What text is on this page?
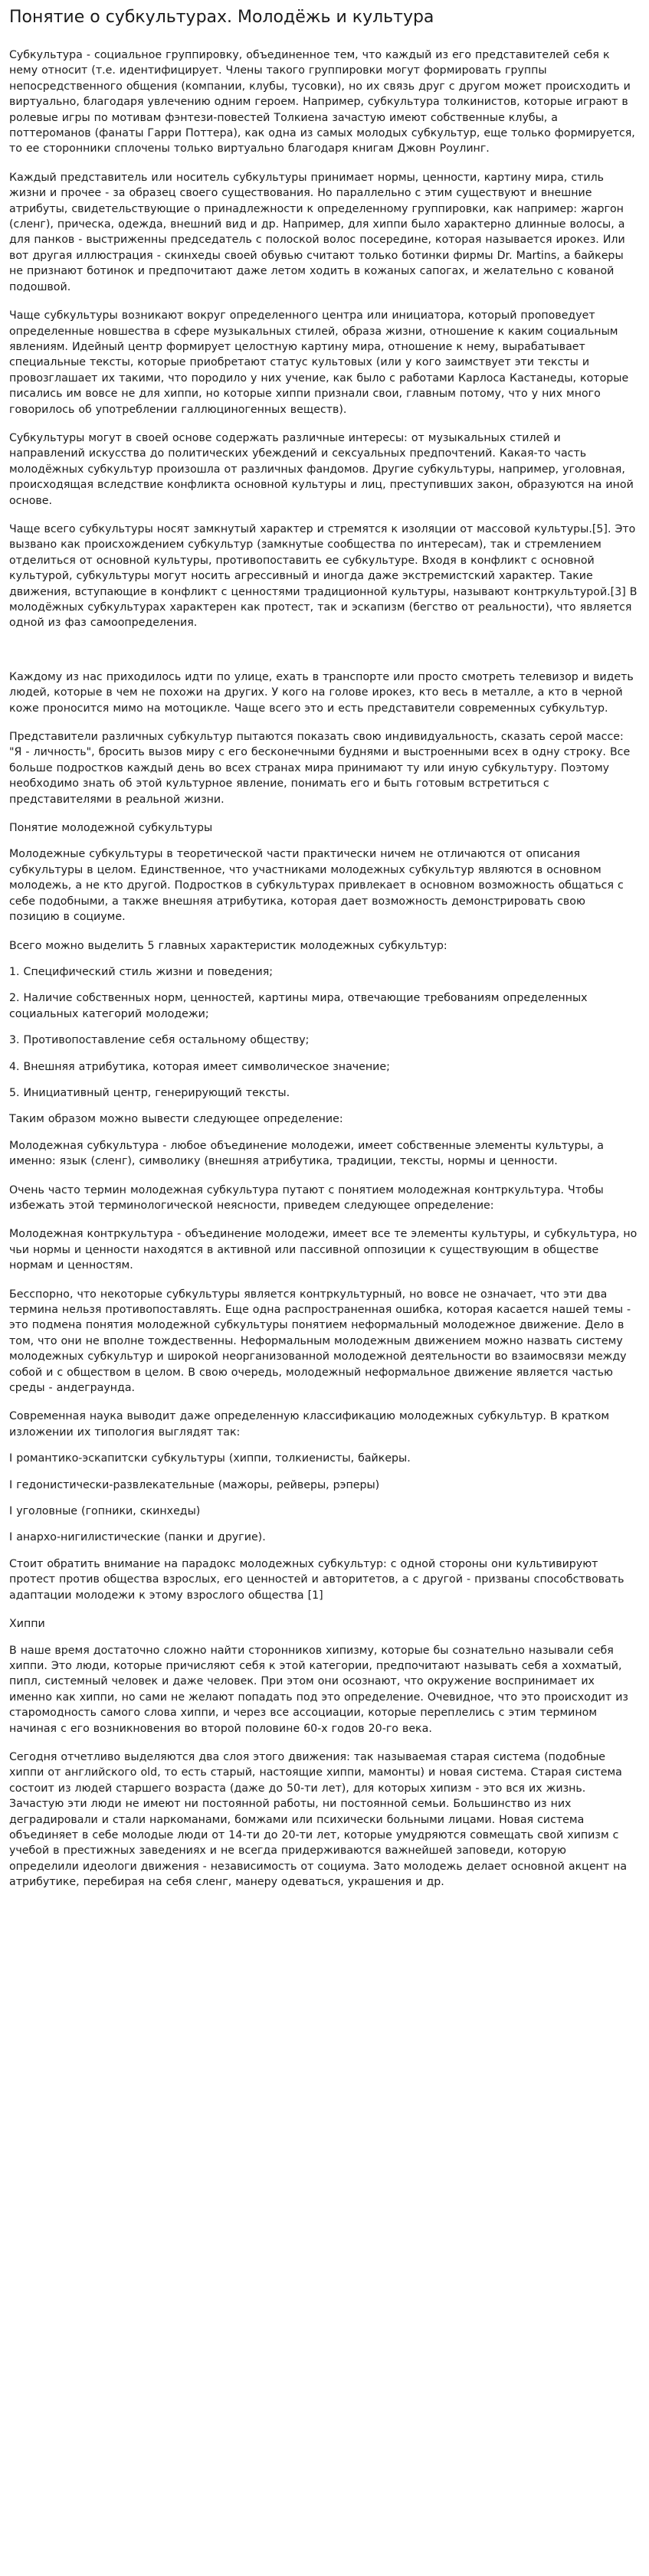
Понятие о субкультурах. Молодёжь и культура

Субкультура - социальное группировку, объединенное тем, что каждый из его представителей себя к нему относит (т.е. идентифицирует. Члены такого группировки могут формировать группы непосредственного общения (компании, клубы, тусовки), но их связь друг с другом может происходить и виртуально, благодаря увлечению одним героем. Например, субкультура толкинистов, которые играют в ролевые игры по мотивам фэнтези-повестей Толкиена зачастую имеют собственные клубы, а поттероманов (фанаты Гарри Поттера), как одна из самых молодых субкультур, еще только формируется, то ее сторонники сплочены только виртуально благодаря книгам Джовн Роулинг.

Каждый представитель или носитель субкультуры принимает нормы, ценности, картину мира, стиль жизни и прочее - за образец своего существования. Но параллельно с этим существуют и внешние атрибуты, свидетельствующие о принадлежности к определенному группировки, как например: жаргон (сленг), прическа, одежда, внешний вид и др. Например, для хиппи было характерно длинные волосы, а для панков - выстриженны председатель с полоской волос посередине, которая называется ирокез. Или вот другая иллюстрация - скинхеды своей обувью считают только ботинки фирмы Dr. Martins, а байкеры не признают ботинок и предпочитают даже летом ходить в кожаных сапогах, и желательно с кованой подошвой.

Чаще субкультуры возникают вокруг определенного центра или инициатора, который проповедует определенные новшества в сфере музыкальных стилей, образа жизни, отношение к каким социальным явлениям. Идейный центр формирует целостную картину мира, отношение к нему, вырабатывает специальные тексты, которые приобретают статус культовых (или у кого заимствует эти тексты и провозглашает их такими, что породило у них учение, как было с работами Карлоса Кастанеды, которые писались им вовсе не для хиппи, но которые хиппи признали свои, главным потому, что у них много говорилось об употреблении галлюциногенных веществ).

Субкультуры могут в своей основе содержать различные интересы: от музыкальных стилей и направлений искусства до политических убеждений и сексуальных предпочтений. Какая-то часть молодёжных субкультур произошла от различных фандомов. Другие субкультуры, например, уголовная, происходящая вследствие конфликта основной культуры и лиц, преступивших закон, образуются на иной основе.

Чаще всего субкультуры носят замкнутый характер и стремятся к изоляции от массовой культуры.[5]. Это вызвано как происхождением субкультур (замкнутые сообщества по интересам), так и стремлением отделиться от основной культуры, противопоставить ее субкультуре. Входя в конфликт с основной культурой, субкультуры могут носить агрессивный и иногда даже экстремистский характер. Такие движения, вступающие в конфликт с ценностями традиционной культуры, называют контркультурой.[3] В молодёжных субкультурах характерен как протест, так и эскапизм (бегство от реальности), что является одной из фаз самоопределения.

Каждому из нас приходилось идти по улице, ехать в транспорте или просто смотреть телевизор и видеть людей, которые в чем не похожи на других. У кого на голове ирокез, кто весь в металле, а кто в черной коже проносится мимо на мотоцикле. Чаще всего это и есть представители современных субкультур.

Представители различных субкультур пытаются показать свою индивидуальность, сказать серой массе: "Я - личность", бросить вызов миру с его бесконечными буднями и выстроенными всех в одну строку. Все больше подростков каждый день во всех странах мира принимают ту или иную субкультуру. Поэтому необходимо знать об этой культурное явление, понимать его и быть готовым встретиться с представителями в реальной жизни.

Понятие молодежной субкультуры

Молодежные субкультуры в теоретической части практически ничем не отличаются от описания субкультуры в целом. Единственное, что участниками молодежных субкультур являются в основном молодежь, а не кто другой. Подростков в субкультурах привлекает в основном возможность общаться с себе подобными, а также внешняя атрибутика, которая дает возможность демонстрировать свою позицию в социуме.

Всего можно выделить 5 главных характеристик молодежных субкультур:

1. Специфический стиль жизни и поведения;

2. Наличие собственных норм, ценностей, картины мира, отвечающие требованиям определенных социальных категорий молодежи;

3. Противопоставление себя остальному обществу;

4. Внешняя атрибутика, которая имеет символическое значение;

5. Инициативный центр, генерирующий тексты.

Таким образом можно вывести следующее определение:

Молодежная субкультура - любое объединение молодежи, имеет собственные элементы культуры, а именно: язык (сленг), символику (внешняя атрибутика, традиции, тексты, нормы и ценности.

Очень часто термин молодежная субкультура путают с понятием молодежная контркультура. Чтобы избежать этой терминологической неясности, приведем следующее определение:

Молодежная контркультура - объединение молодежи, имеет все те элементы культуры, и субкультура, но чьи нормы и ценности находятся в активной или пассивной оппозиции к существующим в обществе нормам и ценностям.

Бесспорно, что некоторые субкультуры является контркультурный, но вовсе не означает, что эти два термина нельзя противопоставлять. Еще одна распространенная ошибка, которая касается нашей темы - это подмена понятия молодежной субкультуры понятием неформальный молодежное движение. Дело в том, что они не вполне тождественны. Неформальным молодежным движением можно назвать систему молодежных субкультур и широкой неорганизованной молодежной деятельности во взаимосвязи между собой и с обществом в целом. В свою очередь, молодежный неформальное движение является частью среды - андеграунда.

Современная наука выводит даже определенную классификацию молодежных субкультур. В кратком изложении их типология выглядят так:

I романтико-эскапитски субкультуры (хиппи, толкиенисты, байкеры.

I гедонистически-развлекательные (мажоры, рейверы, рэперы)

I уголовные (гопники, скинхеды)

I анархо-нигилистические (панки и другие).

Стоит обратить внимание на парадокс молодежных субкультур: с одной стороны они культивируют протест против общества взрослых, его ценностей и авторитетов, а с другой - призваны способствовать адаптации молодежи к этому взрослого общества [1]

Хиппи

В наше время достаточно сложно найти сторонников хипизму, которые бы сознательно называли себя хиппи. Это люди, которые причисляют себя к этой категории, предпочитают называть себя а хохматый, пипл, системный человек и даже человек. При этом они осознают, что окружение воспринимает их именно как хиппи, но сами не желают попадать под это определение. Очевидное, что это происходит из старомодность самого слова хиппи, и через все ассоциации, которые переплелись с этим термином начиная с его возникновения во второй половине 60-х годов 20-го века.

Сегодня отчетливо выделяются два слоя этого движения: так называемая старая система (подобные хиппи от английского old, то есть старый, настоящие хиппи, мамонты) и новая система. Старая система состоит из людей старшего возраста (даже до 50-ти лет), для которых хипизм - это вся их жизнь. Зачастую эти люди не имеют ни постоянной работы, ни постоянной семьи. Большинство из них деградировали и стали наркоманами, бомжами или психически больными лицами. Новая система объединяет в себе молодые люди от 14-ти до 20-ти лет, которые умудряются совмещать свой хипизм с учебой в престижных заведениях и не всегда придерживаются важнейшей заповеди, которую определили идеологи движения - независимость от социума. Зато молодежь делает основной акцент на атрибутике, перебирая на себя сленг, манеру одеваться, украшения и др.
